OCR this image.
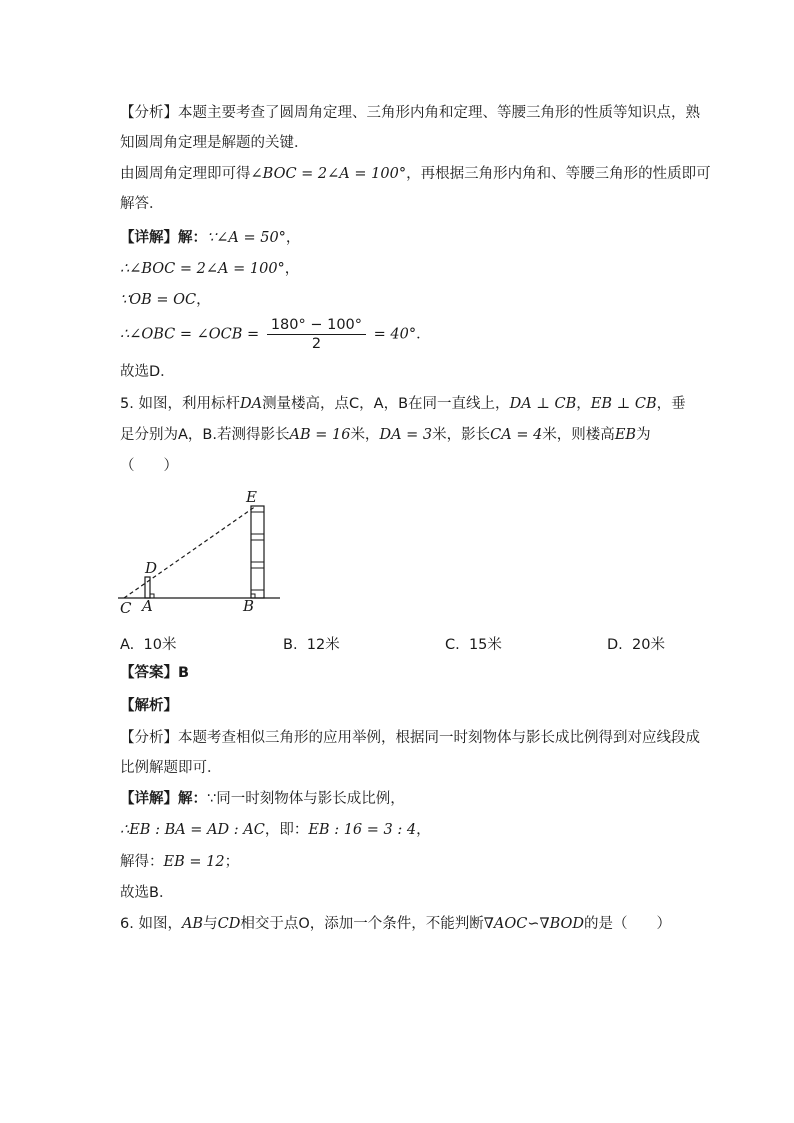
【分析】本题主要考查了圆周角定理、三角形内角和定理、等腰三角形的性质等知识点，熟
知圆周角定理是解题的关键．
由圆周角定理即可得∠BOC = 2∠A = 100°，再根据三角形内角和、等腰三角形的性质即可
解答．
【详解】解：∵∠A = 50°，
∴∠BOC = 2∠A = 100°，
∵OB = OC，
∴∠OBC = ∠OCB = $\frac{180^\circ - 100^\circ}{2} = 40^\circ$．
故选D．
5. 如图，利用标杆DA测量楼高，点C，A，B在同一直线上，DA ⊥ CB，EB ⊥ CB，垂
足分别为A，B.若测得影长AB = 16米，DA = 3米，影长CA = 4米，则楼高EB为
（　　）
E
D
C A	B
A. 10米	B. 12米	C. 15米	D. 20米
【答案】B
【解析】
【分析】本题考查相似三角形的应用举例，根据同一时刻物体与影长成比例得到对应线段成
比例解题即可．
【详解】解：∵同一时刻物体与影长成比例，
∴EB : BA = AD : AC，即：EB : 16 = 3 : 4，
解得：EB = 12；
故选B．
6. 如图，AB与CD相交于点O，添加一个条件，不能判断∇AOC∽∇BOD的是（　　）
